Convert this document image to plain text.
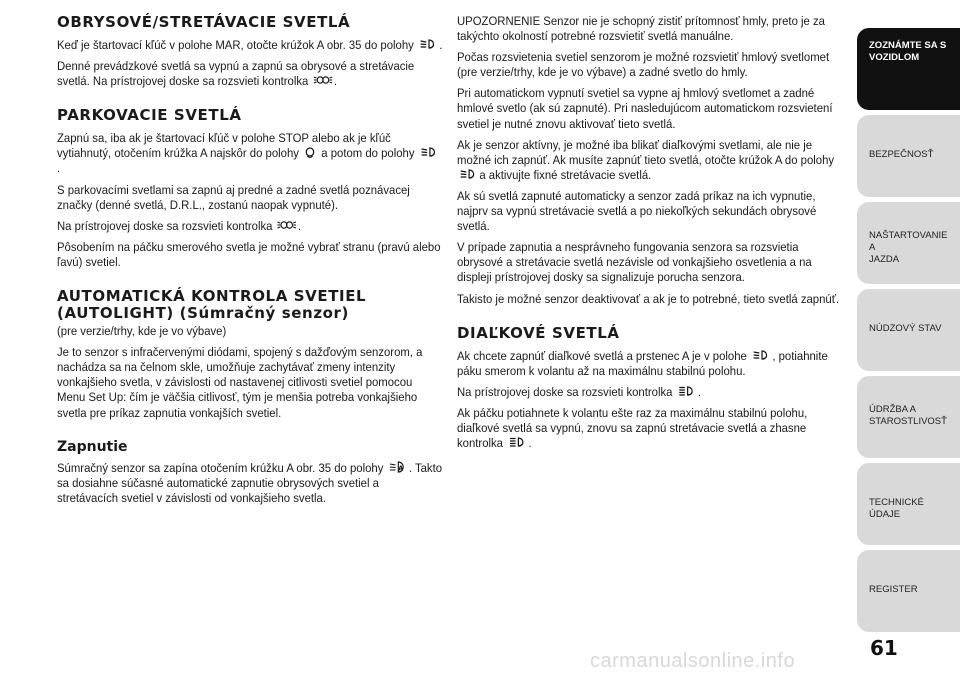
OBRYSOVÉ/STRETÁVACIE SVETLÁ

Keď je štartovací kľúč v polohe MAR, otočte krúžok A obr. 35 do polohy .

Denné prevádzkové svetlá sa vypnú a zapnú sa obrysové a stretávacie svetlá. Na prístrojovej doske sa rozsvieti kontrolka .

PARKOVACIE SVETLÁ

Zapnú sa, iba ak je štartovací kľúč v polohe STOP alebo ak je kľúč vytiahnutý, otočením krúžka A najskôr do polohy a potom do polohy .

S parkovacími svetlami sa zapnú aj predné a zadné svetlá poznávacej značky (denné svetlá, D.R.L., zostanú naopak vypnuté).

Na prístrojovej doske sa rozsvieti kontrolka .

Pôsobením na páčku smerového svetla je možné vybrať stranu (pravú alebo ľavú) svetiel.

AUTOMATICKÁ KONTROLA SVETIEL
(AUTOLIGHT) (Súmračný senzor)

(pre verzie/trhy, kde je vo výbave)

Je to senzor s infračervenými diódami, spojený s dažďovým senzorom, a nachádza sa na čelnom skle, umožňuje zachytávať zmeny intenzity vonkajšieho svetla, v závislosti od nastavenej citlivosti svetiel pomocou Menu Set Up: čím je väčšia citlivosť, tým je menšia potreba vonkajšieho svetla pre príkaz zapnutia vonkajších svetiel.

Zapnutie

Súmračný senzor sa zapína otočením krúžku A obr. 35 do polohy . Takto sa dosiahne súčasné automatické zapnutie obrysových svetiel a stretávacích svetiel v závislosti od vonkajšieho svetla.

UPOZORNENIE Senzor nie je schopný zistiť prítomnosť hmly, preto je za takýchto okolností potrebné rozsvietiť svetlá manuálne.

Počas rozsvietenia svetiel senzorom je možné rozsvietiť hmlový svetlomet (pre verzie/trhy, kde je vo výbave) a zadné svetlo do hmly.

Pri automatickom vypnutí svetiel sa vypne aj hmlový svetlomet a zadné hmlové svetlo (ak sú zapnuté). Pri nasledujúcom automatickom rozsvietení svetiel je nutné znovu aktivovať tieto svetlá.

Ak je senzor aktívny, je možné iba blikať diaľkovými svetlami, ale nie je možné ich zapnúť. Ak musíte zapnúť tieto svetlá, otočte krúžok A do polohy a aktivujte fixné stretávacie svetlá.

Ak sú svetlá zapnuté automaticky a senzor zadá príkaz na ich vypnutie, najprv sa vypnú stretávacie svetlá a po niekoľkých sekundách obrysové svetlá.

V prípade zapnutia a nesprávneho fungovania senzora sa rozsvietia obrysové a stretávacie svetlá nezávisle od vonkajšieho osvetlenia a na displeji prístrojovej dosky sa signalizuje porucha senzora.

Takisto je možné senzor deaktivovať a ak je to potrebné, tieto svetlá zapnúť.

DIAĽKOVÉ SVETLÁ

Ak chcete zapnúť diaľkové svetlá a prstenec A je v polohe , potiahnite páku smerom k volantu až na maximálnu stabilnú polohu.

Na prístrojovej doske sa rozsvieti kontrolka .

Ak páčku potiahnete k volantu ešte raz za maximálnu stabilnú polohu, diaľkové svetlá sa vypnú, znovu sa zapnú stretávacie svetlá a zhasne kontrolka .

ZOZNÁMTE SA S
VOZIDLOM
BEZPEČNOSŤ
NAŠTARTOVANIE A
JAZDA
NÚDZOVÝ STAV
ÚDRŽBA A
STAROSTLIVOSŤ
TECHNICKÉ ÚDAJE
REGISTER
61
carmanualsonline.info
